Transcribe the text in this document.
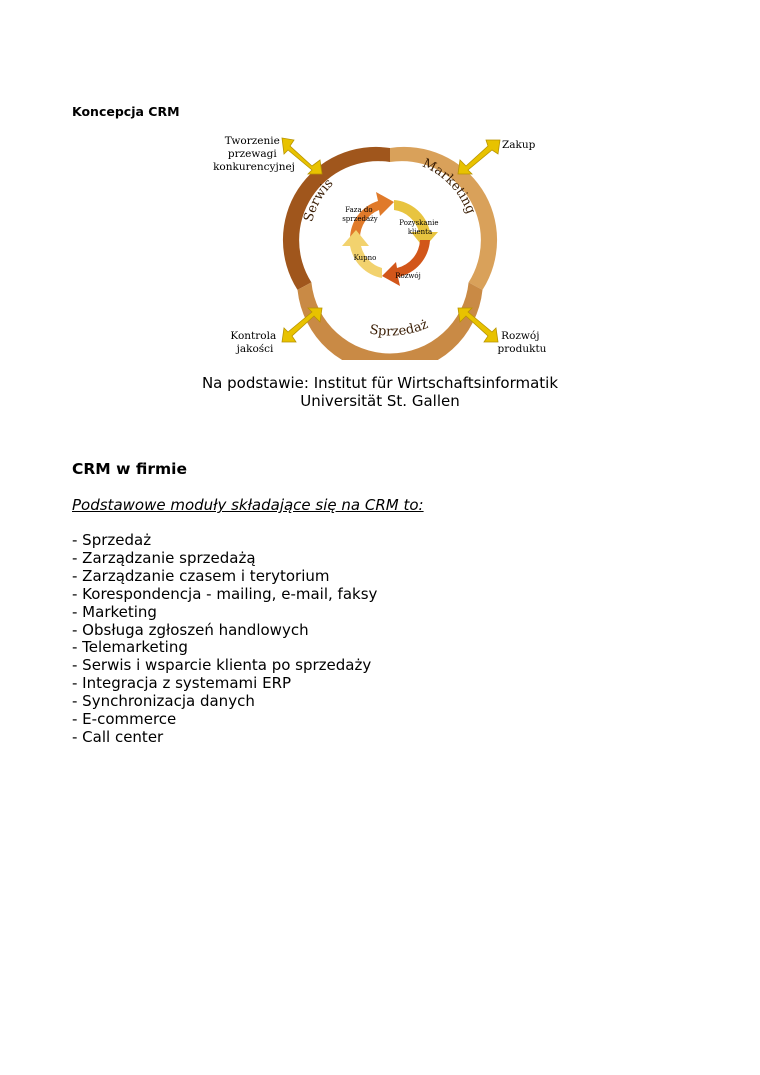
Koncepcja CRM
Serwis
Marketing
Sprzedaż
Faza do sprzedaży	Pozyskanie klienta
Rozwój
Kupno
Tworzenie przewagi konkurencyjnej
Zakup
Kontrola jakości
Rozwój produktu
Na podstawie: Institut für Wirtschaftsinformatik
Universität St. Gallen
CRM w firmie
Podstawowe moduły składające się na CRM to:
- Sprzedaż
- Zarządzanie sprzedażą
- Zarządzanie czasem i terytorium
- Korespondencja - mailing, e-mail, faksy
- Marketing
- Obsługa zgłoszeń handlowych
- Telemarketing
- Serwis i wsparcie klienta po sprzedaży
- Integracja z systemami ERP
- Synchronizacja danych
- E-commerce
- Call center
